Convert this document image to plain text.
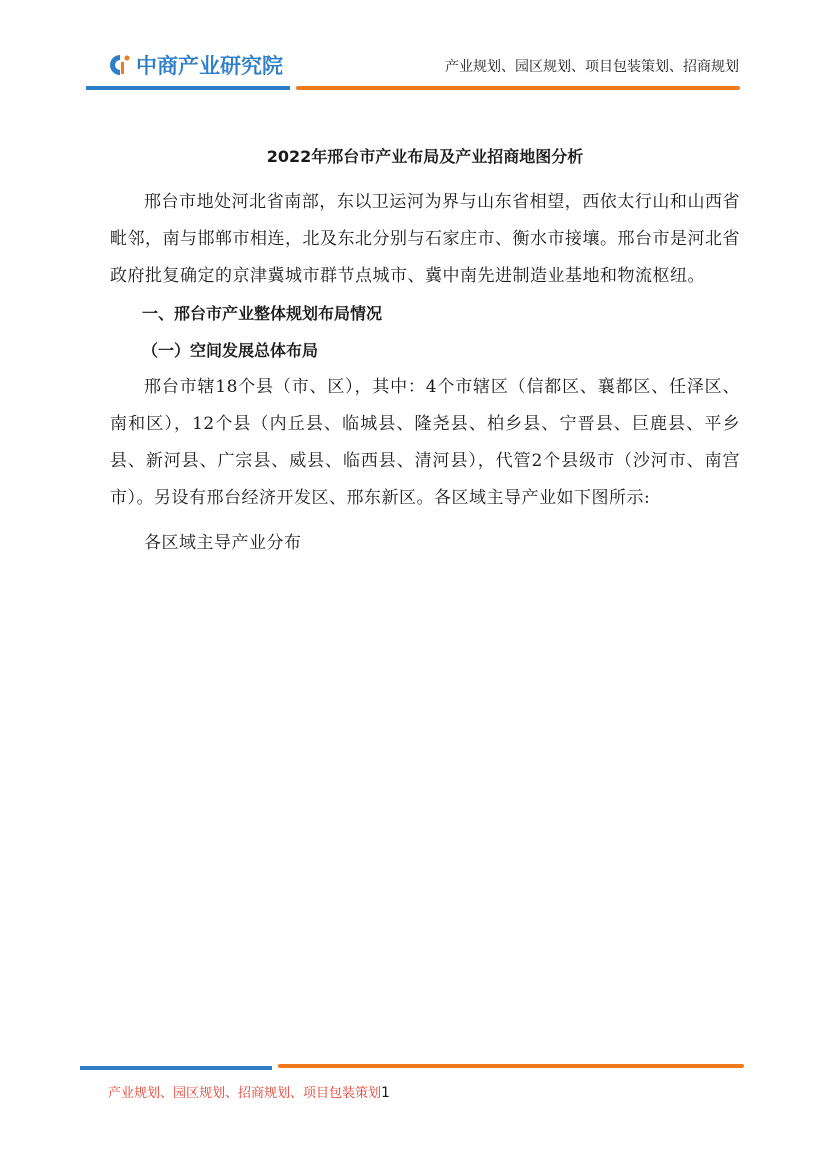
中商产业研究院	产业规划、园区规划、项目包装策划、招商规划
2022年邢台市产业布局及产业招商地图分析

邢台市地处河北省南部，东以卫运河为界与山东省相望，西依太行山和山西省毗邻，南与邯郸市相连，北及东北分别与石家庄市、衡水市接壤。邢台市是河北省政府批复确定的京津冀城市群节点城市、冀中南先进制造业基地和物流枢纽。

一、邢台市产业整体规划布局情况

（一）空间发展总体布局

邢台市辖18个县（市、区），其中：4个市辖区（信都区、襄都区、任泽区、南和区），12个县（内丘县、临城县、隆尧县、柏乡县、宁晋县、巨鹿县、平乡县、新河县、广宗县、威县、临西县、清河县），代管2个县级市（沙河市、南宫市）。另设有邢台经济开发区、邢东新区。各区域主导产业如下图所示:

各区域主导产业分布

产业规划、园区规划、招商规划、项目包装策划1
